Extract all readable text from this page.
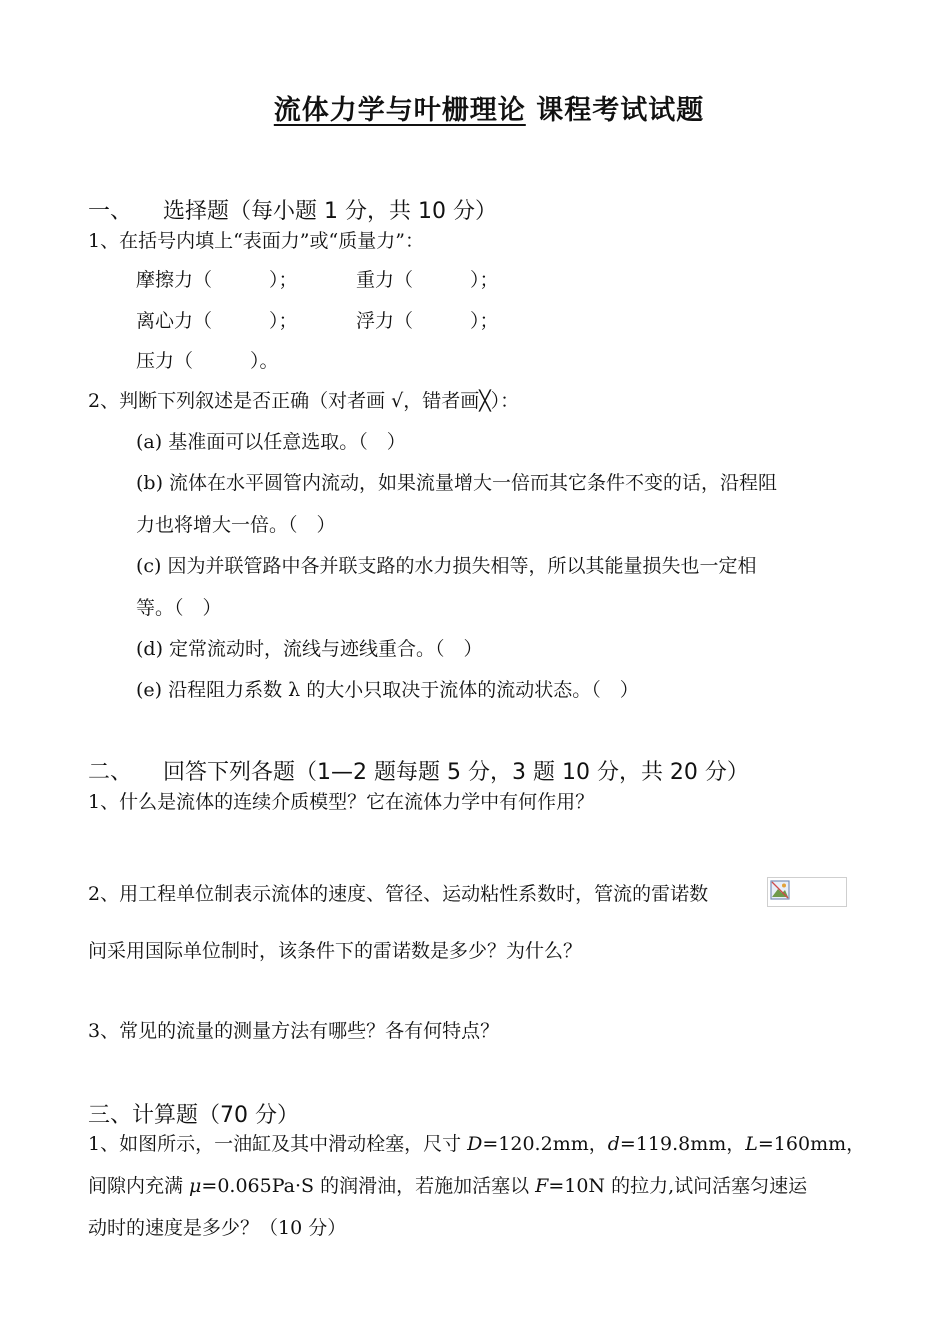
流体力学与叶栅理论 课程考试试题
一、 选择题（每小题 1 分，共 10 分）
1、在括号内填上“表面力”或“质量力”：
摩擦力（　　　）；	重力（　　　）；
离心力（　　　）；	浮力（　　　）；
压力（　　　）。
2、判断下列叙述是否正确（对者画 √，错者画╳）：
(a) 基准面可以任意选取。（　）
(b) 流体在水平圆管内流动，如果流量增大一倍而其它条件不变的话，沿程阻
力也将增大一倍。（　）
(c) 因为并联管路中各并联支路的水力损失相等，所以其能量损失也一定相
等。（　）
(d) 定常流动时，流线与迹线重合。（　）
(e) 沿程阻力系数 λ 的大小只取决于流体的流动状态。（　）
二、 回答下列各题（1—2 题每题 5 分，3 题 10 分，共 20 分）
1、什么是流体的连续介质模型？它在流体力学中有何作用？
2、用工程单位制表示流体的速度、管径、运动粘性系数时，管流的雷诺数
问采用国际单位制时，该条件下的雷诺数是多少？为什么？
3、常见的流量的测量方法有哪些？各有何特点？
三、计算题（70 分）
1、如图所示，一油缸及其中滑动栓塞，尺寸 D=120.2mm，d=119.8mm，L=160mm，
间隙内充满 μ=0.065Pa·S 的润滑油，若施加活塞以 F=10N 的拉力,试问活塞匀速运
动时的速度是多少？（10 分）
